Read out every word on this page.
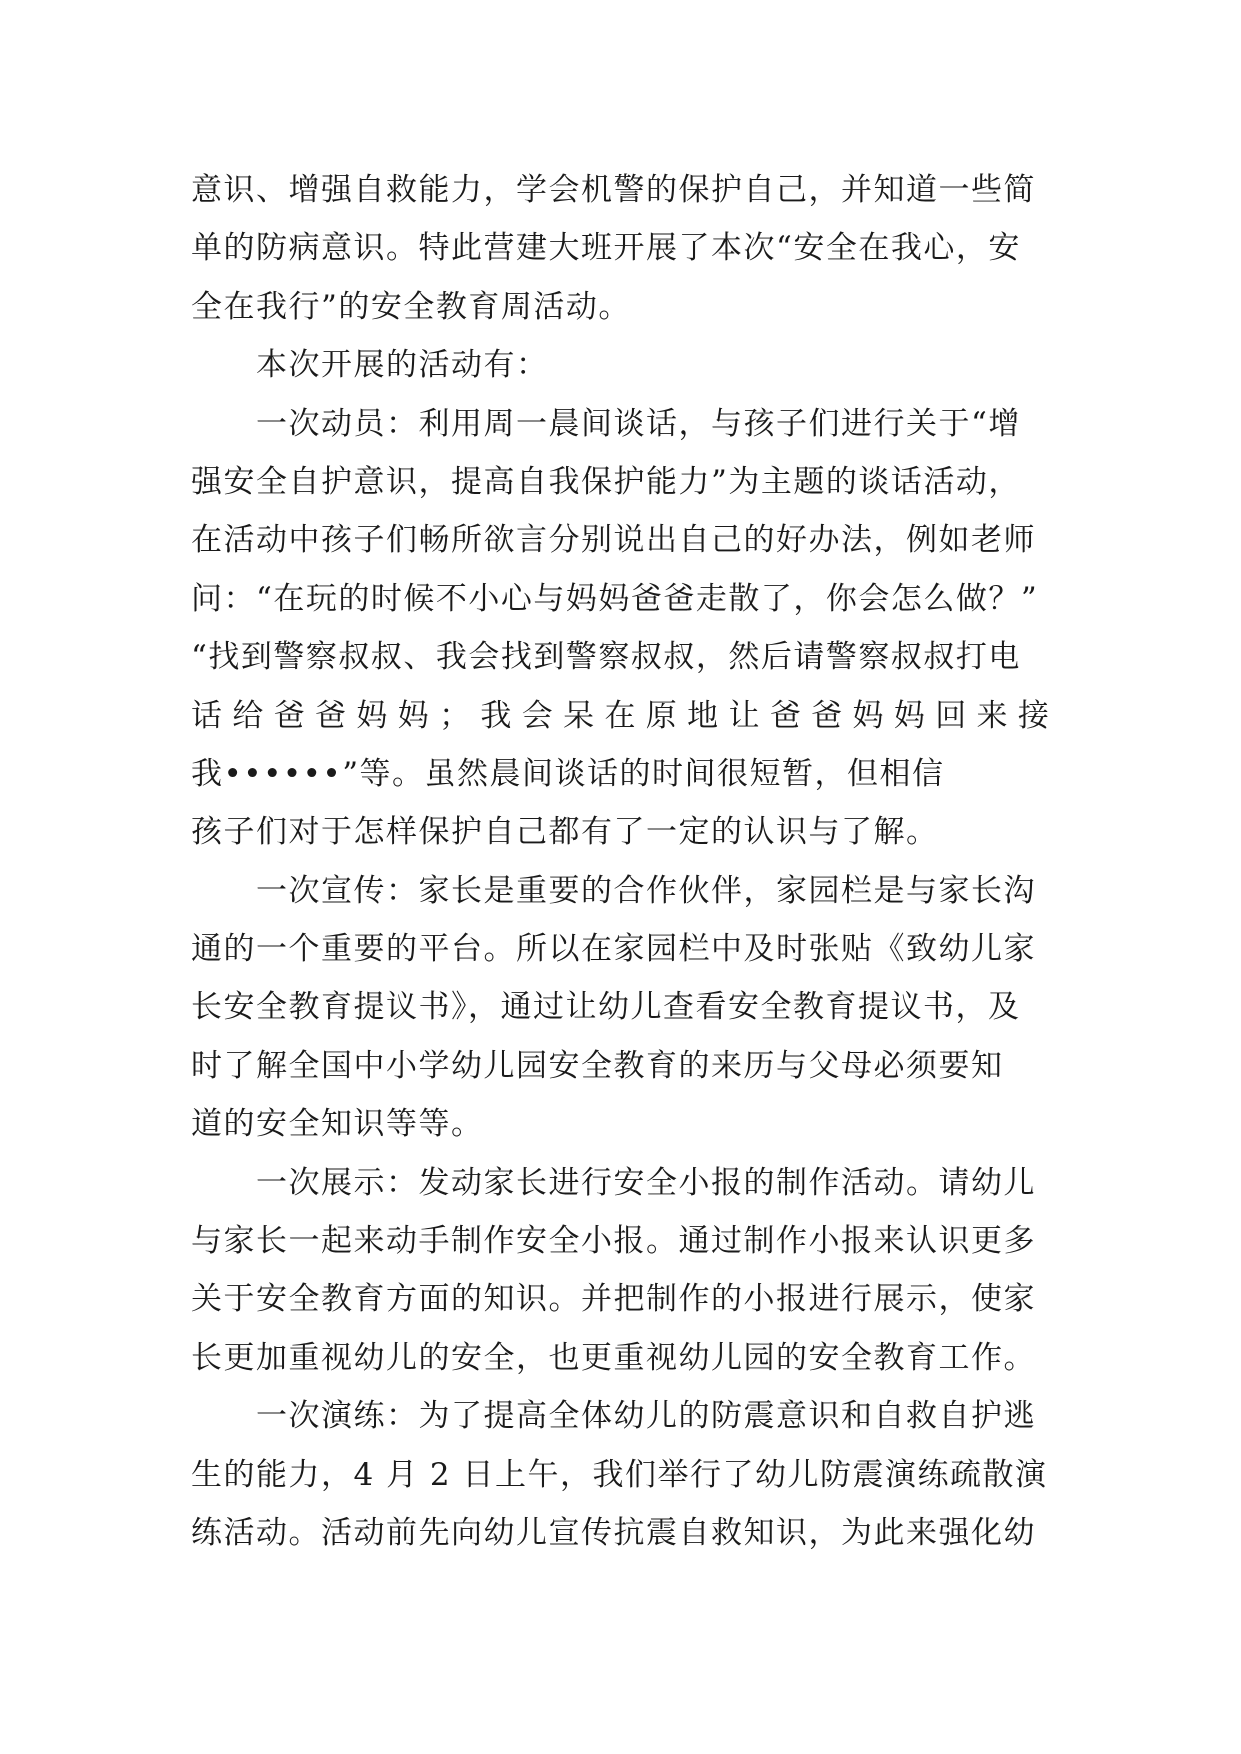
意识、增强自救能力，学会机警的保护自己，并知道一些简
单的防病意识。特此营建大班开展了本次“安全在我心，安
全在我行”的安全教育周活动。
　　本次开展的活动有：
　　一次动员：利用周一晨间谈话，与孩子们进行关于“增
强安全自护意识，提高自我保护能力”为主题的谈话活动，
在活动中孩子们畅所欲言分别说出自己的好办法，例如老师
问：“在玩的时候不小心与妈妈爸爸走散了，你会怎么做？”
“找到警察叔叔、我会找到警察叔叔，然后请警察叔叔打电
话 给 爸 爸 妈 妈 ； 我 会 呆 在 原 地 让 爸 爸 妈 妈 回 来 接
我••••••”等。虽然晨间谈话的时间很短暂，但相信
孩子们对于怎样保护自己都有了一定的认识与了解。
　　一次宣传：家长是重要的合作伙伴，家园栏是与家长沟
通的一个重要的平台。所以在家园栏中及时张贴《致幼儿家
长安全教育提议书》，通过让幼儿查看安全教育提议书，及
时了解全国中小学幼儿园安全教育的来历与父母必须要知
道的安全知识等等。
　　一次展示：发动家长进行安全小报的制作活动。请幼儿
与家长一起来动手制作安全小报。通过制作小报来认识更多
关于安全教育方面的知识。并把制作的小报进行展示，使家
长更加重视幼儿的安全，也更重视幼儿园的安全教育工作。
　　一次演练：为了提高全体幼儿的防震意识和自救自护逃
生的能力，4 月 2 日上午，我们举行了幼儿防震演练疏散演
练活动。活动前先向幼儿宣传抗震自救知识，为此来强化幼
